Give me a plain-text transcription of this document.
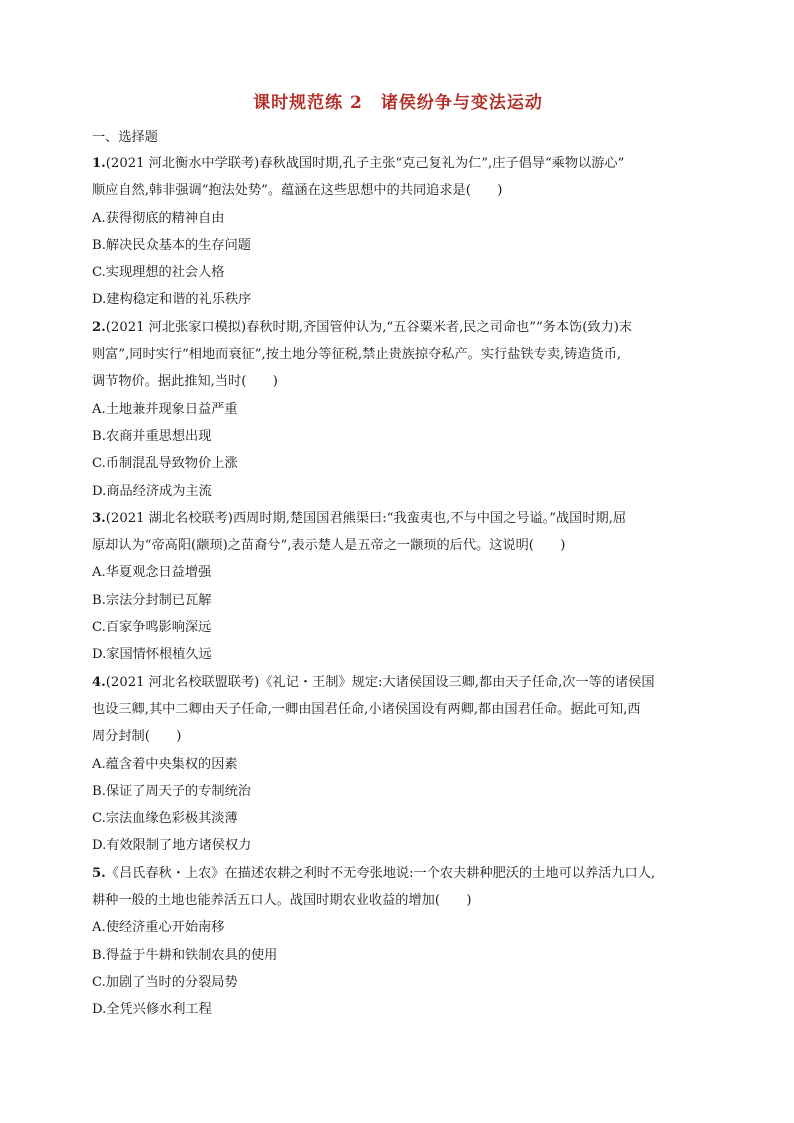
课时规范练 2　诸侯纷争与变法运动
一、选择题
1.(2021 河北衡水中学联考)春秋战国时期,孔子主张“克己复礼为仁”,庄子倡导“乘物以游心”
顺应自然,韩非强调“抱法处势”。蕴涵在这些思想中的共同追求是(　　)
A.获得彻底的精神自由
B.解决民众基本的生存问题
C.实现理想的社会人格
D.建构稳定和谐的礼乐秩序
2.(2021 河北张家口模拟)春秋时期,齐国管仲认为,“五谷粟米者,民之司命也”“务本饬(致力)末
则富”,同时实行“相地而衰征”,按土地分等征税,禁止贵族掠夺私产。实行盐铁专卖,铸造货币,
调节物价。据此推知,当时(　　)
A.土地兼并现象日益严重
B.农商并重思想出现
C.币制混乱导致物价上涨
D.商品经济成为主流
3.(2021 湖北名校联考)西周时期,楚国国君熊渠曰:“我蛮夷也,不与中国之号谥。”战国时期,屈
原却认为“帝高阳(颛顼)之苗裔兮”,表示楚人是五帝之一颛顼的后代。这说明(　　)
A.华夏观念日益增强
B.宗法分封制已瓦解
C.百家争鸣影响深远
D.家国情怀根植久远
4.(2021 河北名校联盟联考)《礼记・王制》规定:大诸侯国设三卿,都由天子任命,次一等的诸侯国
也设三卿,其中二卿由天子任命,一卿由国君任命,小诸侯国设有两卿,都由国君任命。据此可知,西
周分封制(　　)
A.蕴含着中央集权的因素
B.保证了周天子的专制统治
C.宗法血缘色彩极其淡薄
D.有效限制了地方诸侯权力
5.《吕氏春秋・上农》在描述农耕之利时不无夸张地说:一个农夫耕种肥沃的土地可以养活九口人,
耕种一般的土地也能养活五口人。战国时期农业收益的增加(　　)
A.使经济重心开始南移
B.得益于牛耕和铁制农具的使用
C.加剧了当时的分裂局势
D.全凭兴修水利工程
